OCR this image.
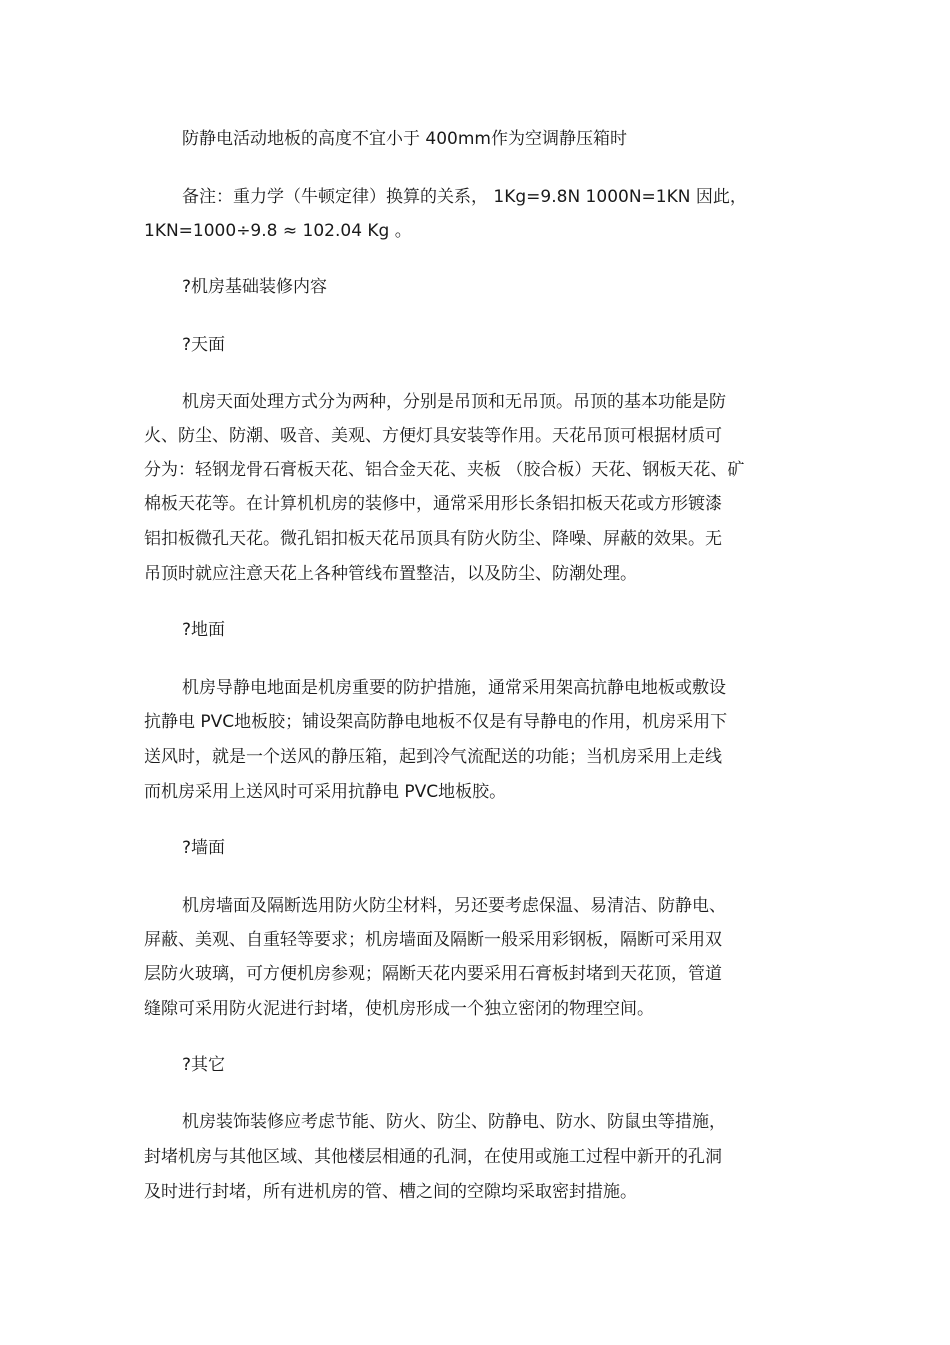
防静电活动地板的高度不宜小于 400mm作为空调静压箱时
备注：重力学（牛顿定律）换算的关系， 1Kg=9.8N 1000N=1KN 因此，
1KN=1000÷9.8 ≈ 102.04 Kg 。
?机房基础装修内容
?天面
机房天面处理方式分为两种，分别是吊顶和无吊顶。吊顶的基本功能是防
火、防尘、防潮、吸音、美观、方便灯具安装等作用。天花吊顶可根据材质可
分为：轻钢龙骨石膏板天花、铝合金天花、夹板 （胶合板）天花、钢板天花、矿
棉板天花等。在计算机机房的装修中，通常采用形长条铝扣板天花或方形镀漆
铝扣板微孔天花。微孔铝扣板天花吊顶具有防火防尘、降噪、屏蔽的效果。无
吊顶时就应注意天花上各种管线布置整洁，以及防尘、防潮处理。
?地面
机房导静电地面是机房重要的防护措施，通常采用架高抗静电地板或敷设
抗静电 PVC地板胶；铺设架高防静电地板不仅是有导静电的作用，机房采用下
送风时，就是一个送风的静压箱，起到冷气流配送的功能；当机房采用上走线
而机房采用上送风时可采用抗静电 PVC地板胶。
?墙面
机房墙面及隔断选用防火防尘材料，另还要考虑保温、易清洁、防静电、
屏蔽、美观、自重轻等要求；机房墙面及隔断一般采用彩钢板，隔断可采用双
层防火玻璃，可方便机房参观；隔断天花内要采用石膏板封堵到天花顶，管道
缝隙可采用防火泥进行封堵，使机房形成一个独立密闭的物理空间。
?其它
机房装饰装修应考虑节能、防火、防尘、防静电、防水、防鼠虫等措施，
封堵机房与其他区域、其他楼层相通的孔洞，在使用或施工过程中新开的孔洞
及时进行封堵，所有进机房的管、槽之间的空隙均采取密封措施。
